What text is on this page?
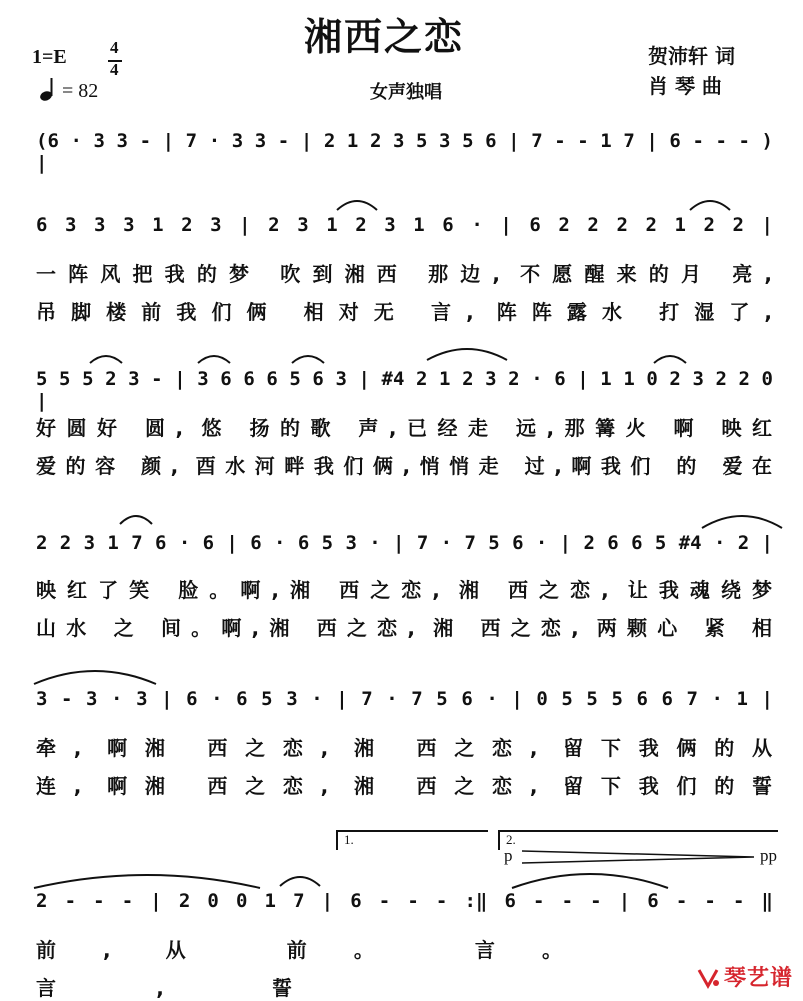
湘西之恋
1=E	4
4
= 82	女声独唱
贺沛轩 词
肖 琴 曲
(6 · 3 3 - | 7 · 3 3 - | 2 1 2 3 5 3 5 6 | 7 - - 1 7 | 6 - - - ) |
6 3 3 3 1 2 3 | 2 3 1 2 3 1 6 · | 6 2 2 2 2 1 2 2 |
一阵风把我的梦 吹到湘西 那边, 不愿醒来的月 亮,
吊脚楼前我们俩 相对无 言, 阵阵露水 打湿了,
5 5 5 2 3 - | 3 6 6 6 5 6 3 | #4 2 1 2 3 2 · 6 | 1 1 0 2 3 2 2 0 |
好圆好 圆, 悠 扬的歌 声,已经走 远,那篝火 啊 映红
爱的容 颜, 酉水河畔我们俩,悄悄走 过,啊我们 的 爱在
2 2 3 1 7 6 · 6 | 6 · 6 5 3 · | 7 · 7 5 6 · | 2 6 6 5 #4 · 2 |
映红了笑 脸。啊,湘 西之恋, 湘 西之恋, 让我魂绕梦
山水 之 间。啊,湘 西之恋, 湘 西之恋, 两颗心 紧 相
3 - 3 · 3 | 6 · 6 5 3 · | 7 · 7 5 6 · | 0 5 5 5 6 6 7 · 1 |
牵, 啊湘 西之恋, 湘 西之恋, 留下我俩的从
连, 啊湘 西之恋, 湘 西之恋, 留下我们的誓
1.	2.
p	pp
2 - - - | 2 0 0 1 7 | 6 - - - :‖ 6 - - - | 6 - - - ‖
前, 从 前。 言。
言, 誓	琴艺谱
